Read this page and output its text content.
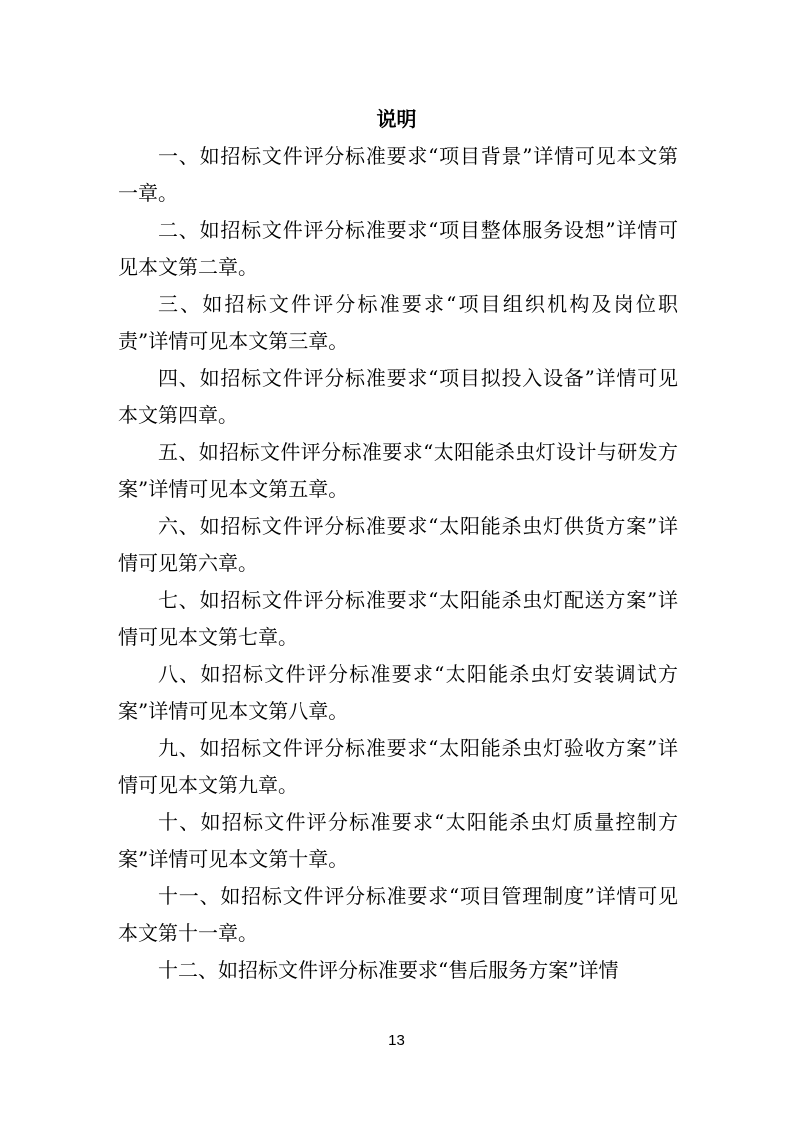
说明

一、如招标文件评分标准要求“项目背景”详情可见本文第一章。

二、如招标文件评分标准要求“项目整体服务设想”详情可见本文第二章。

三、如招标文件评分标准要求“项目组织机构及岗位职责”详情可见本文第三章。

四、如招标文件评分标准要求“项目拟投入设备”详情可见本文第四章。

五、如招标文件评分标准要求“太阳能杀虫灯设计与研发方案”详情可见本文第五章。

六、如招标文件评分标准要求“太阳能杀虫灯供货方案”详情可见第六章。

七、如招标文件评分标准要求“太阳能杀虫灯配送方案”详情可见本文第七章。

八、如招标文件评分标准要求“太阳能杀虫灯安装调试方案”详情可见本文第八章。

九、如招标文件评分标准要求“太阳能杀虫灯验收方案”详情可见本文第九章。

十、如招标文件评分标准要求“太阳能杀虫灯质量控制方案”详情可见本文第十章。

十一、如招标文件评分标准要求“项目管理制度”详情可见本文第十一章。

十二、如招标文件评分标准要求“售后服务方案”详情

13
